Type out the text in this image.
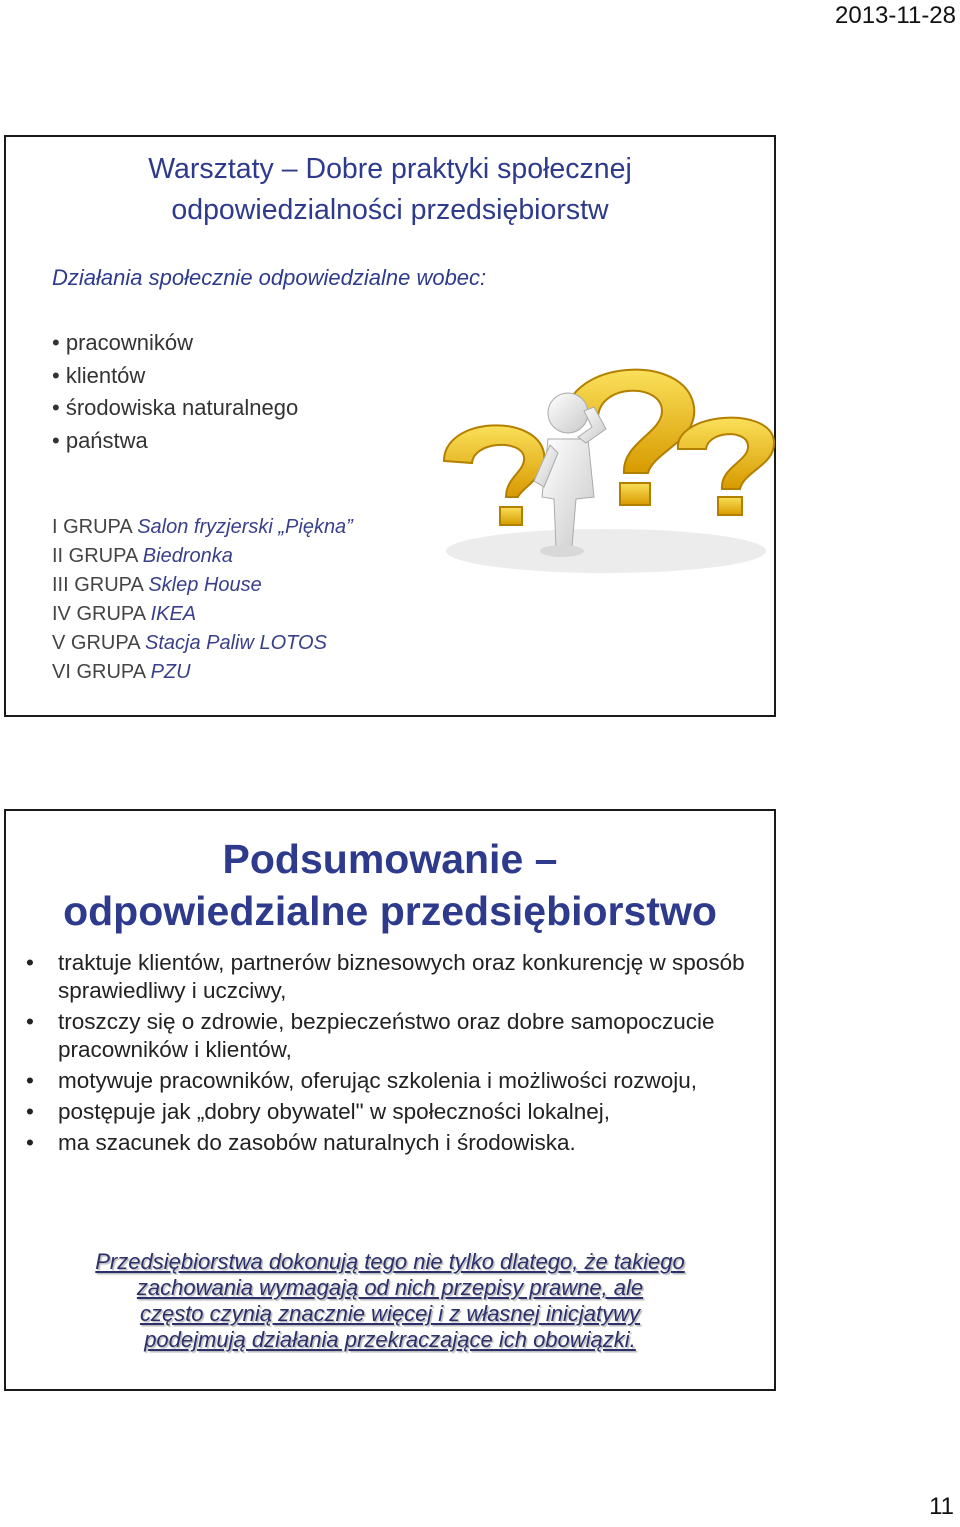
2013-11-28
Warsztaty – Dobre praktyki społecznej
odpowiedzialności przedsiębiorstw
Działania społecznie odpowiedzialne wobec:
• pracowników
• klientów
• środowiska naturalnego
• państwa
I GRUPA Salon fryzjerski „Piękna”
II GRUPA Biedronka
III GRUPA Sklep House
IV GRUPA IKEA
V GRUPA Stacja Paliw LOTOS
VI GRUPA PZU
Podsumowanie –
odpowiedzialne przedsiębiorstwo
• traktuje klientów, partnerów biznesowych oraz konkurencję w sposób sprawiedliwy i uczciwy,
• troszczy się o zdrowie, bezpieczeństwo oraz dobre samopoczucie pracowników i klientów,
• motywuje pracowników, oferując szkolenia i możliwości rozwoju,
• postępuje jak „dobry obywatel" w społeczności lokalnej,
• ma szacunek do zasobów naturalnych i środowiska.
Przedsiębiorstwa dokonują tego nie tylko dlatego, że takiego
zachowania wymagają od nich przepisy prawne, ale
często czynią znacznie więcej i z własnej inicjatywy
podejmują działania przekraczające ich obowiązki.
11
